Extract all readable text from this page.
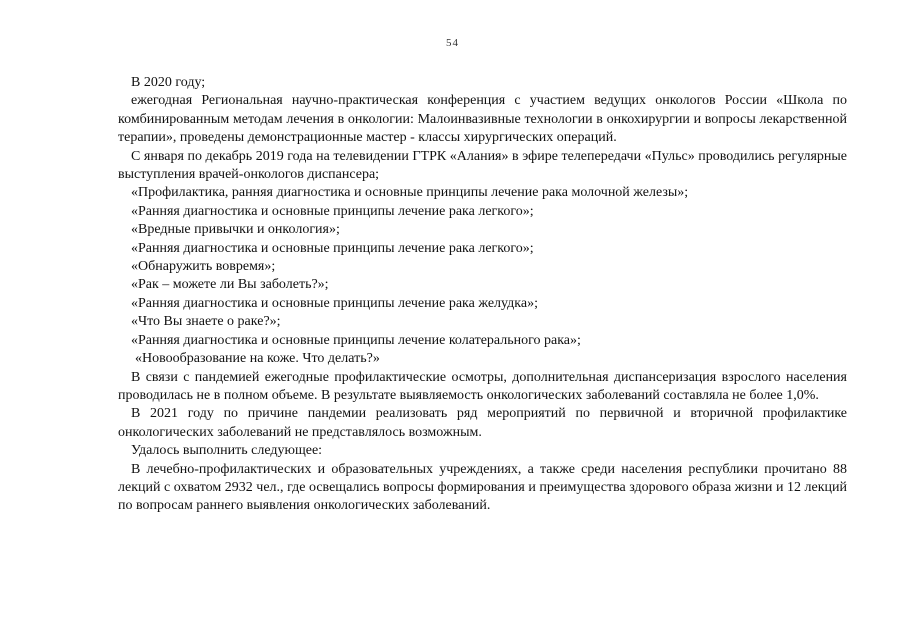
54

В 2020 году;

ежегодная Региональная научно-практическая конференция с участием ведущих онкологов России «Школа по комбинированным методам лечения в онкологии: Малоинвазивные технологии в онкохирургии и вопросы лекарственной терапии», проведены демонстрационные мастер - классы хирургических операций.

С января по декабрь 2019 года на телевидении ГТРК «Алания» в эфире телепередачи «Пульс» проводились регулярные выступления врачей-онкологов диспансера;

«Профилактика, ранняя диагностика и основные принципы лечение рака молочной железы»;

«Ранняя диагностика и основные принципы лечение рака легкого»;

«Вредные привычки и онкология»;

«Ранняя диагностика и основные принципы лечение рака легкого»;

«Обнаружить вовремя»;

«Рак – можете ли Вы заболеть?»;

«Ранняя диагностика и основные принципы лечение рака желудка»;

«Что Вы знаете о раке?»;

«Ранняя диагностика и основные принципы лечение колатерального рака»;

«Новообразование на коже. Что делать?»

В связи с пандемией ежегодные профилактические осмотры, дополнительная диспансеризация взрослого населения проводилась не в полном объеме. В результате выявляемость онкологических заболеваний составляла не более 1,0%.

В 2021 году по причине пандемии реализовать ряд мероприятий по первичной и вторичной профилактике онкологических заболеваний не представлялось возможным.

Удалось выполнить следующее:

В лечебно-профилактических и образовательных учреждениях, а также среди населения республики прочитано 88 лекций с охватом 2932 чел., где освещались вопросы формирования и преимущества здорового образа жизни и 12 лекций по вопросам раннего выявления онкологических заболеваний.
